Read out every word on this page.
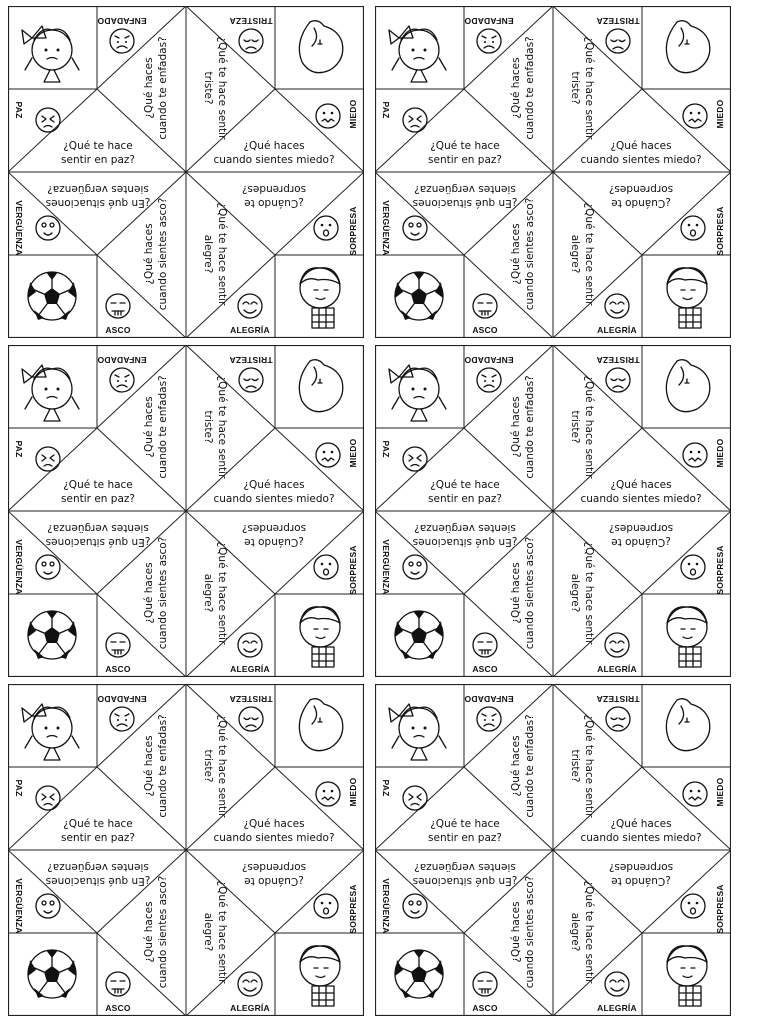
¿Qué haces cuando te enfadas?	¿Qué te hace sentir
triste?
¿Qué te hace
sentir en paz?
¿Qué haces
cuando sientes miedo?
¿En qué situaciones
sientes vergüenza?
¿Cuándo te
sorprendes?
¿Qué haces cuando sientes asco?	¿Qué te hace sentir
alegre?
ENFADADO	TRISTEZA
PAZ	MIEDO
VERGÜENZA	SORPRESA
ASCO	ALEGRÍA
¿Qué haces cuando te enfadas?	¿Qué te hace sentir
triste?
¿Qué te hace
sentir en paz?
¿Qué haces
cuando sientes miedo?
¿En qué situaciones
sientes vergüenza?
¿Cuándo te
sorprendes?
¿Qué haces cuando sientes asco?	¿Qué te hace sentir
alegre?
ENFADADO	TRISTEZA
PAZ	MIEDO
VERGÜENZA	SORPRESA
ASCO	ALEGRÍA
¿Qué haces cuando te enfadas?	¿Qué te hace sentir
triste?
¿Qué te hace
sentir en paz?
¿Qué haces
cuando sientes miedo?
¿En qué situaciones
sientes vergüenza?
¿Cuándo te
sorprendes?
¿Qué haces cuando sientes asco?	¿Qué te hace sentir
alegre?
ENFADADO	TRISTEZA
PAZ	MIEDO
VERGÜENZA	SORPRESA
ASCO	ALEGRÍA
¿Qué haces cuando te enfadas?	¿Qué te hace sentir
triste?
¿Qué te hace
sentir en paz?
¿Qué haces
cuando sientes miedo?
¿En qué situaciones
sientes vergüenza?
¿Cuándo te
sorprendes?
¿Qué haces cuando sientes asco?	¿Qué te hace sentir
alegre?
ENFADADO	TRISTEZA
PAZ	MIEDO
VERGÜENZA	SORPRESA
ASCO	ALEGRÍA
¿Qué haces cuando te enfadas?	¿Qué te hace sentir
triste?
¿Qué te hace
sentir en paz?
¿Qué haces
cuando sientes miedo?
¿En qué situaciones
sientes vergüenza?
¿Cuándo te
sorprendes?
¿Qué haces cuando sientes asco?	¿Qué te hace sentir
alegre?
ENFADADO	TRISTEZA
PAZ	MIEDO
VERGÜENZA	SORPRESA
ASCO	ALEGRÍA
¿Qué haces cuando te enfadas?	¿Qué te hace sentir
triste?
¿Qué te hace
sentir en paz?
¿Qué haces
cuando sientes miedo?
¿En qué situaciones
sientes vergüenza?
¿Cuándo te
sorprendes?
¿Qué haces cuando sientes asco?	¿Qué te hace sentir
alegre?
ENFADADO	TRISTEZA
PAZ	MIEDO
VERGÜENZA	SORPRESA
ASCO	ALEGRÍA
